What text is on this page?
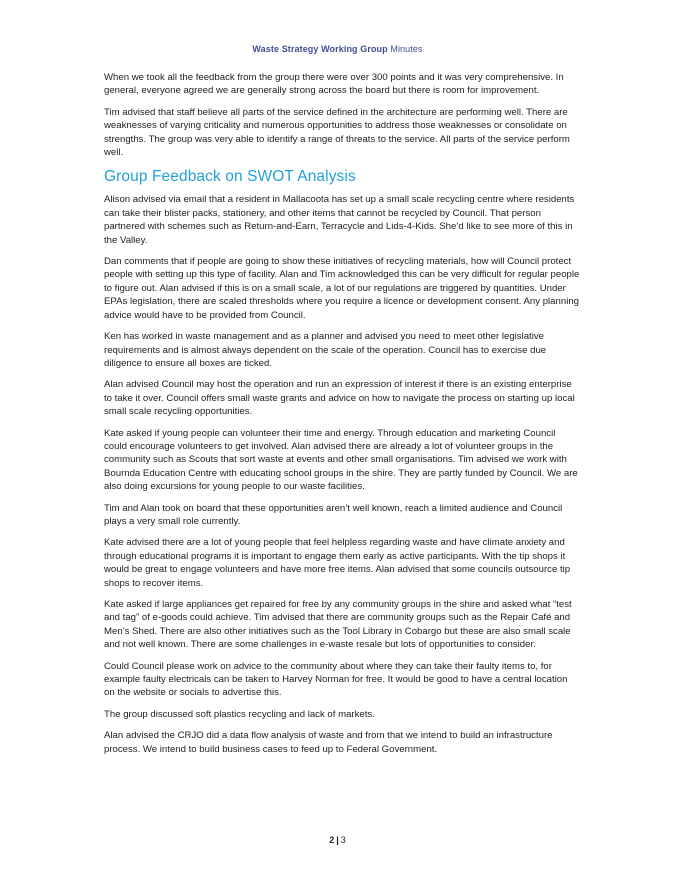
Waste Strategy Working Group Minutes

When we took all the feedback from the group there were over 300 points and it was very comprehensive. In general, everyone agreed we are generally strong across the board but there is room for improvement.

Tim advised that staff believe all parts of the service defined in the architecture are performing well. There are weaknesses of varying criticality and numerous opportunities to address those weaknesses or consolidate on strengths. The group was very able to identify a range of threats to the service. All parts of the service perform well.

Group Feedback on SWOT Analysis

Alison advised via email that a resident in Mallacoota has set up a small scale recycling centre where residents can take their blister packs, stationery, and other items that cannot be recycled by Council. That person partnered with schemes such as Return-and-Earn, Terracycle and Lids-4-Kids. She’d like to see more of this in the Valley.

Dan comments that if people are going to show these initiatives of recycling materials, how will Council protect people with setting up this type of facility. Alan and Tim acknowledged this can be very difficult for regular people to figure out. Alan advised if this is on a small scale, a lot of our regulations are triggered by quantities. Under EPAs legislation, there are scaled thresholds where you require a licence or development consent. Any planning advice would have to be provided from Council.

Ken has worked in waste management and as a planner and advised you need to meet other legislative requirements and is almost always dependent on the scale of the operation. Council has to exercise due diligence to ensure all boxes are ticked.

Alan advised Council may host the operation and run an expression of interest if there is an existing enterprise to take it over. Council offers small waste grants and advice on how to navigate the process on starting up local small scale recycling opportunities.

Kate asked if young people can volunteer their time and energy. Through education and marketing Council could encourage volunteers to get involved. Alan advised there are already a lot of volunteer groups in the community such as Scouts that sort waste at events and other small organisations. Tim advised we work with Bournda Education Centre with educating school groups in the shire. They are partly funded by Council. We are also doing excursions for young people to our waste facilities.

Tim and Alan took on board that these opportunities aren’t well known, reach a limited audience and Council plays a very small role currently.

Kate advised there are a lot of young people that feel helpless regarding waste and have climate anxiety and through educational programs it is important to engage them early as active participants. With the tip shops it would be great to engage volunteers and have more free items. Alan advised that some councils outsource tip shops to recover items.

Kate asked if large appliances get repaired for free by any community groups in the shire and asked what “test and tag” of e-goods could achieve. Tim advised that there are community groups such as the Repair Café and Men’s Shed. There are also other initiatives such as the Tool Library in Cobargo but these are also small scale and not well known. There are some challenges in e-waste resale but lots of opportunities to consider.

Could Council please work on advice to the community about where they can take their faulty items to, for example faulty electricals can be taken to Harvey Norman for free. It would be good to have a central location on the website or socials to advertise this.

The group discussed soft plastics recycling and lack of markets.

Alan advised the CRJO did a data flow analysis of waste and from that we intend to build an infrastructure process. We intend to build business cases to feed up to Federal Government.

2 | 3
